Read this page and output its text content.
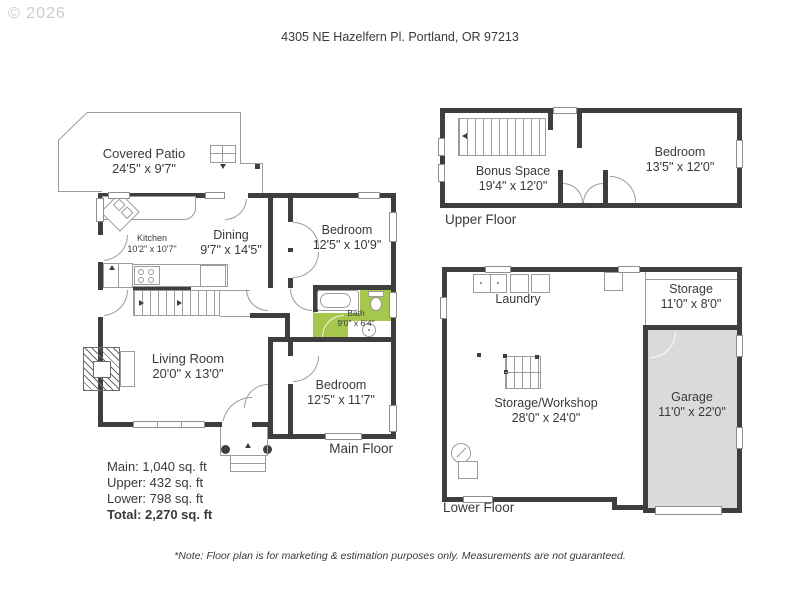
© 2026
4305 NE Hazelfern Pl. Portland, OR 97213
Covered Patio
24'5" x 9'7"
Kitchen
10'2" x 10'7"
Dining
9'7" x 14'5"
Bedroom
12'5" x 10'9"
Bath
9'0" x 6'4"
Living Room
20'0" x 13'0"
Bedroom
12'5" x 11'7"
Main Floor
Bonus Space
19'4" x 12'0"
Bedroom
13'5" x 12'0"
Upper Floor
Laundry
Storage
11'0" x 8'0"
Storage/Workshop
28'0" x 24'0"
Garage
11'0" x 22'0"
Lower Floor
Main: 1,040 sq. ft
Upper: 432 sq. ft
Lower: 798 sq. ft
Total: 2,270 sq. ft
*Note: Floor plan is for marketing & estimation purposes only. Measurements are not guaranteed.
